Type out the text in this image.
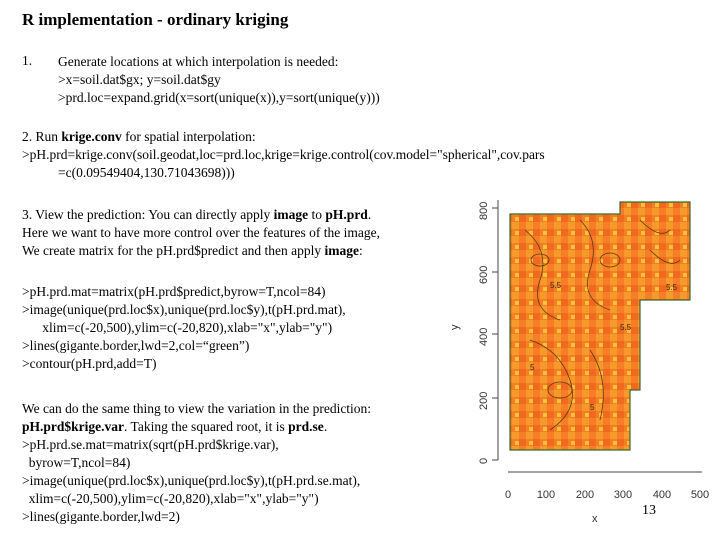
R implementation - ordinary kriging
1. Generate locations at which interpolation is needed:
>x=soil.dat$gx; y=soil.dat$gy
>prd.loc=expand.grid(x=sort(unique(x)),y=sort(unique(y)))
2. Run krige.conv for spatial interpolation:
>pH.prd=krige.conv(soil.geodat,loc=prd.loc,krige=krige.control(cov.model="spherical",cov.pars
=c(0.09549404,130.71043698)))
3. View the prediction: You can directly apply image to pH.prd.
Here we want to have more control over the features of the image,
We create matrix for the pH.prd$predict and then apply image:
>pH.prd.mat=matrix(pH.prd$predict,byrow=T,ncol=84)
>image(unique(prd.loc$x),unique(prd.loc$y),t(pH.prd.mat),
xlim=c(-20,500),ylim=c(-20,820),xlab="x",ylab="y")
>lines(gigante.border,lwd=2,col=“green”)
>contour(pH.prd,add=T)
We can do the same thing to view the variation in the prediction:
pH.prd$krige.var. Taking the squared root, it is prd.se.
>pH.prd.se.mat=matrix(sqrt(pH.prd$krige.var),
byrow=T,ncol=84)
>image(unique(prd.loc$x),unique(prd.loc$y),t(pH.prd.se.mat),
xlim=c(-20,500),ylim=c(-20,820),xlab="x",ylab="y")
>lines(gigante.border,lwd=2)
0
200
400
600
800
y
0 100 200 300 400 500
5.5	5.5
5
5
5.5
x
13
